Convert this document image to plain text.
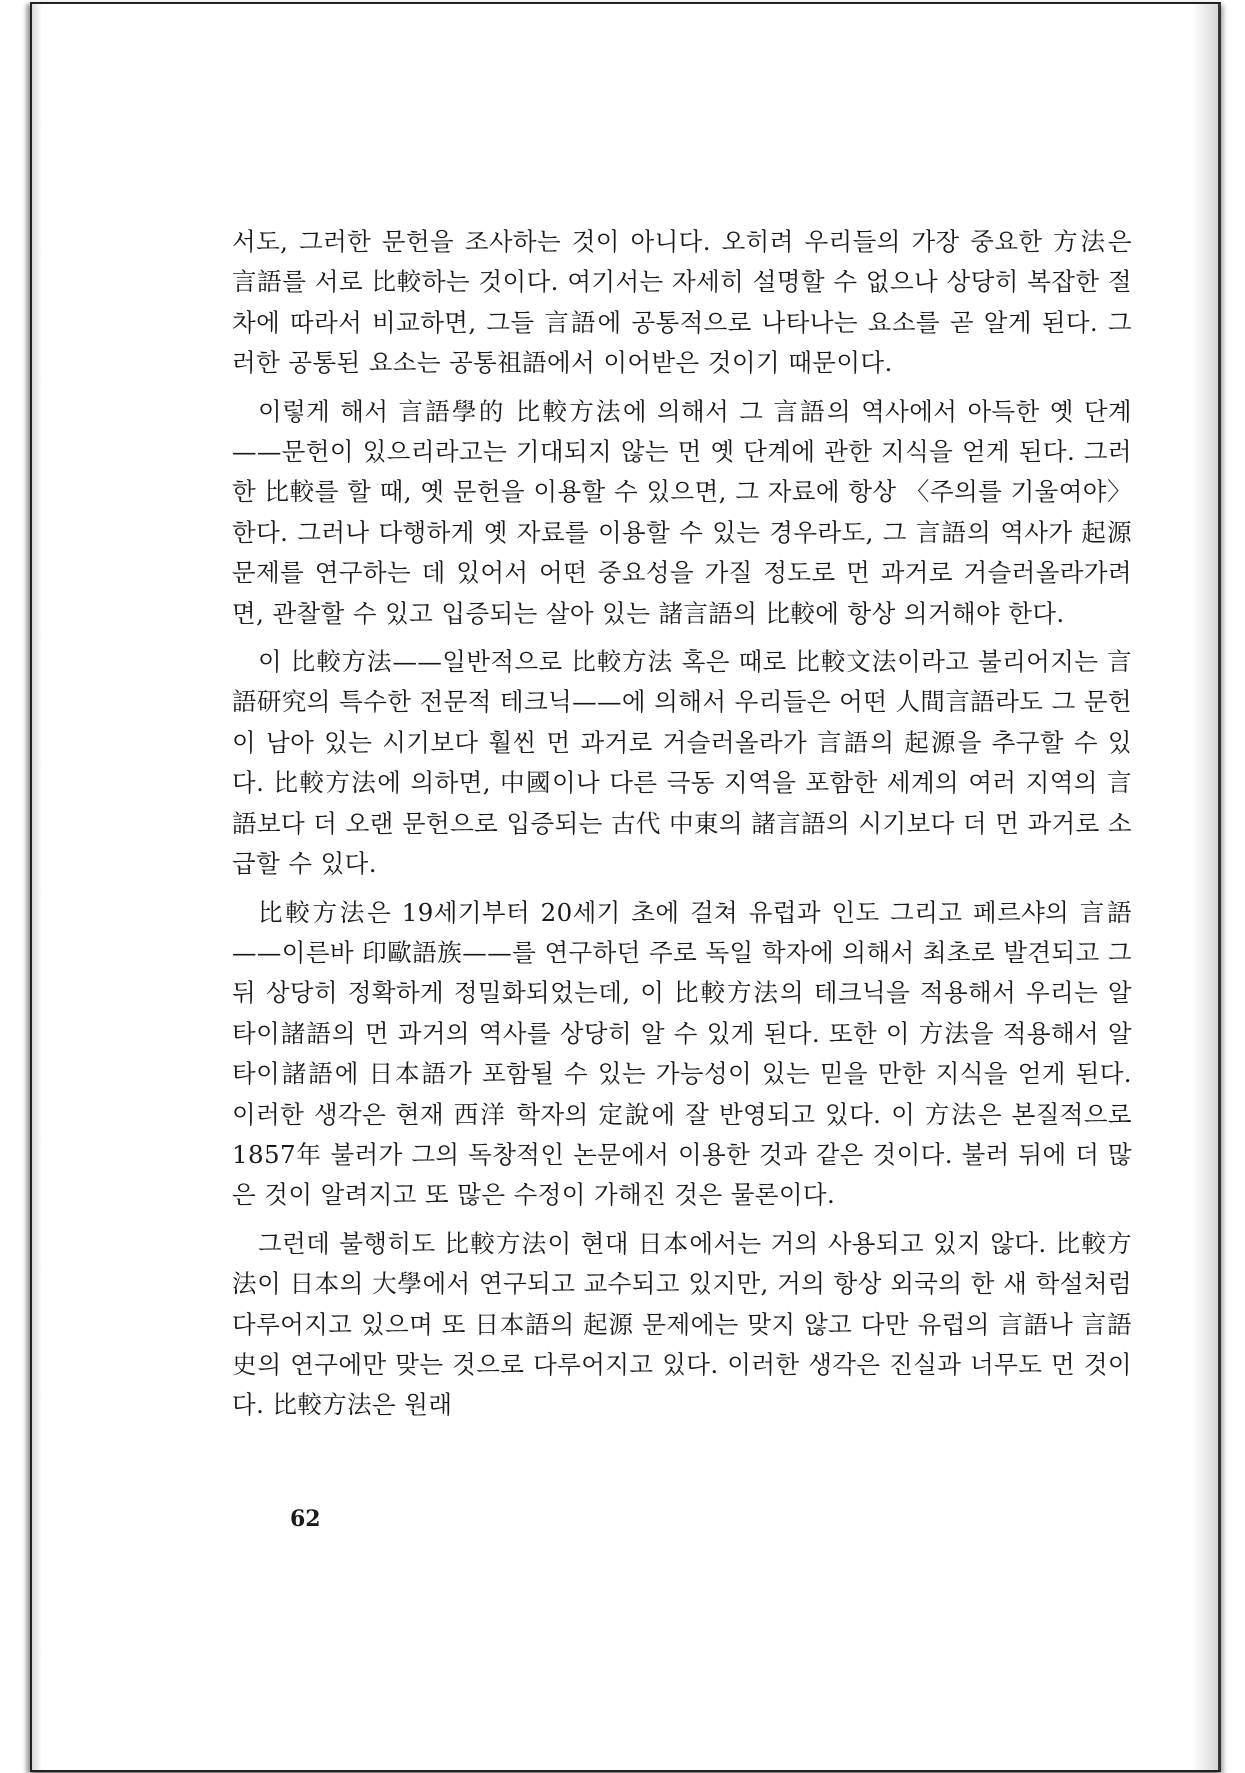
서도, 그러한 문헌을 조사하는 것이 아니다. 오히려 우리들의 가장 중요한 方法은 言語를 서로 比較하는 것이다. 여기서는 자세히 설명할 수 없으나 상당히 복잡한 절차에 따라서 비교하면, 그들 言語에 공통적으로 나타나는 요소를 곧 알게 된다. 그러한 공통된 요소는 공통祖語에서 이어받은 것이기 때문이다.

이렇게 해서 言語學的 比較方法에 의해서 그 言語의 역사에서 아득한 옛 단계——문헌이 있으리라고는 기대되지 않는 먼 옛 단계에 관한 지식을 얻게 된다. 그러한 比較를 할 때, 옛 문헌을 이용할 수 있으면, 그 자료에 항상 〈주의를 기울여야〉 한다. 그러나 다행하게 옛 자료를 이용할 수 있는 경우라도, 그 言語의 역사가 起源 문제를 연구하는 데 있어서 어떤 중요성을 가질 정도로 먼 과거로 거슬러올라가려면, 관찰할 수 있고 입증되는 살아 있는 諸言語의 比較에 항상 의거해야 한다.

이 比較方法——일반적으로 比較方法 혹은 때로 比較文法이라고 불리어지는 言語研究의 특수한 전문적 테크닉——에 의해서 우리들은 어떤 人間言語라도 그 문헌이 남아 있는 시기보다 훨씬 먼 과거로 거슬러올라가 言語의 起源을 추구할 수 있다. 比較方法에 의하면, 中國이나 다른 극동 지역을 포함한 세계의 여러 지역의 言語보다 더 오랜 문헌으로 입증되는 古代 中東의 諸言語의 시기보다 더 먼 과거로 소급할 수 있다.

比較方法은 19세기부터 20세기 초에 걸쳐 유럽과 인도 그리고 페르샤의 言語——이른바 印歐語族——를 연구하던 주로 독일 학자에 의해서 최초로 발견되고 그 뒤 상당히 정확하게 정밀화되었는데, 이 比較方法의 테크닉을 적용해서 우리는 알타이諸語의 먼 과거의 역사를 상당히 알 수 있게 된다. 또한 이 方法을 적용해서 알타이諸語에 日本語가 포함될 수 있는 가능성이 있는 믿을 만한 지식을 얻게 된다. 이러한 생각은 현재 西洋 학자의 定說에 잘 반영되고 있다. 이 方法은 본질적으로 1857年 불러가 그의 독창적인 논문에서 이용한 것과 같은 것이다. 불러 뒤에 더 많은 것이 알려지고 또 많은 수정이 가해진 것은 물론이다.

그런데 불행히도 比較方法이 현대 日本에서는 거의 사용되고 있지 않다. 比較方法이 日本의 大學에서 연구되고 교수되고 있지만, 거의 항상 외국의 한 새 학설처럼 다루어지고 있으며 또 日本語의 起源 문제에는 맞지 않고 다만 유럽의 言語나 言語史의 연구에만 맞는 것으로 다루어지고 있다. 이러한 생각은 진실과 너무도 먼 것이다. 比較方法은 원래

62
